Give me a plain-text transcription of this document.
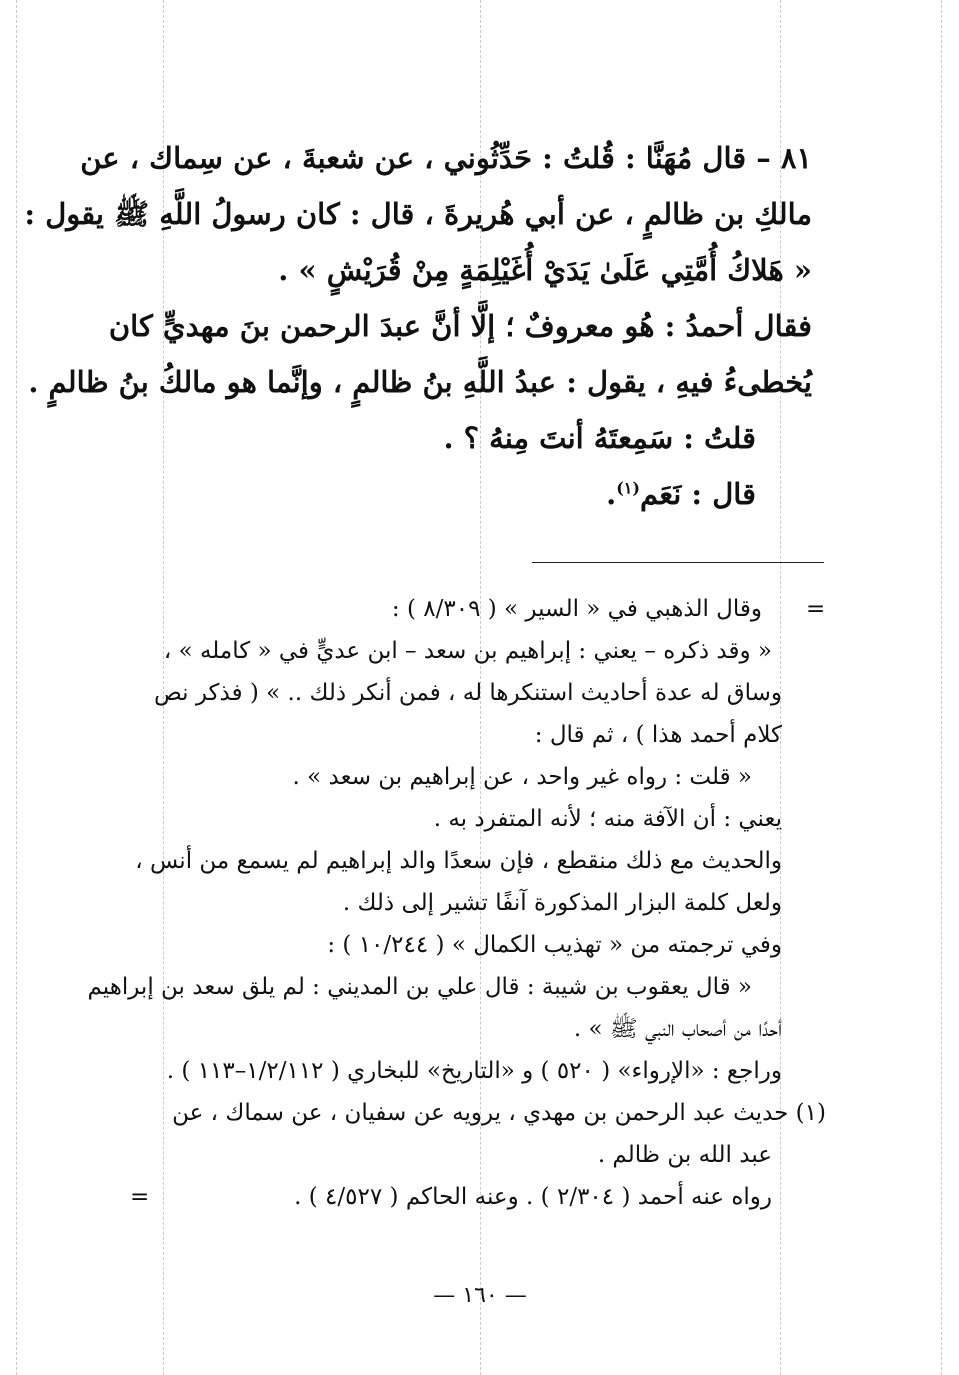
٨١ – قال مُهَنَّا : قُلتُ : حَدِّثُوني ، عن شعبةَ ، عن سِماك ، عن
مالكِ بن ظالمٍ ، عن أبي هُريرةَ ، قال : كان رسولُ اللَّهِ ﷺ يقول :
« هَلاكُ أُمَّتِي عَلَىٰ يَدَيْ أُغَيْلِمَةٍ مِنْ قُرَيْشٍ » .
فقال أحمدُ : هُو معروفٌ ؛ إلَّا أنَّ عبدَ الرحمن بنَ مهديٍّ كان
يُخطىءُ فيهِ ، يقول : عبدُ اللَّهِ بنُ ظالمٍ ، وإنَّما هو مالكُ بنُ ظالمٍ .
قلتُ : سَمِعتَهُ أنتَ مِنهُ ؟ .
قال : نَعَم$^{(١)}$.
=
وقال الذهبي في « السير » ( ٨/٣٠٩ ) :
« وقد ذكره – يعني : إبراهيم بن سعد – ابن عديٍّ في « كامله » ،
وساق له عدة أحاديث استنكرها له ، فمن أنكر ذلك .. » ( فذكر نص
كلام أحمد هذا ) ، ثم قال :
« قلت : رواه غير واحد ، عن إبراهيم بن سعد » .
يعني : أن الآفة منه ؛ لأنه المتفرد به .
والحديث مع ذلك منقطع ، فإن سعدًا والد إبراهيم لم يسمع من أنس ،
ولعل كلمة البزار المذكورة آنفًا تشير إلى ذلك .
وفي ترجمته من « تهذيب الكمال » ( ١٠/٢٤٤ ) :
« قال يعقوب بن شيبة : قال علي بن المديني : لم يلق سعد بن إبراهيم
أحدًا من أصحاب النبي ﷺ » .
وراجع : «الإرواء» ( ٥٢٠ ) و «التاريخ» للبخاري ( ١/٢/١١٢–١١٣ ) .
(١) حديث عبد الرحمن بن مهدي ، يرويه عن سفيان ، عن سماك ، عن
عبد الله بن ظالم .
رواه عنه أحمد ( ٢/٣٠٤ ) . وعنه الحاكم ( ٤/٥٢٧ ) .
=
— ١٦٠ —
